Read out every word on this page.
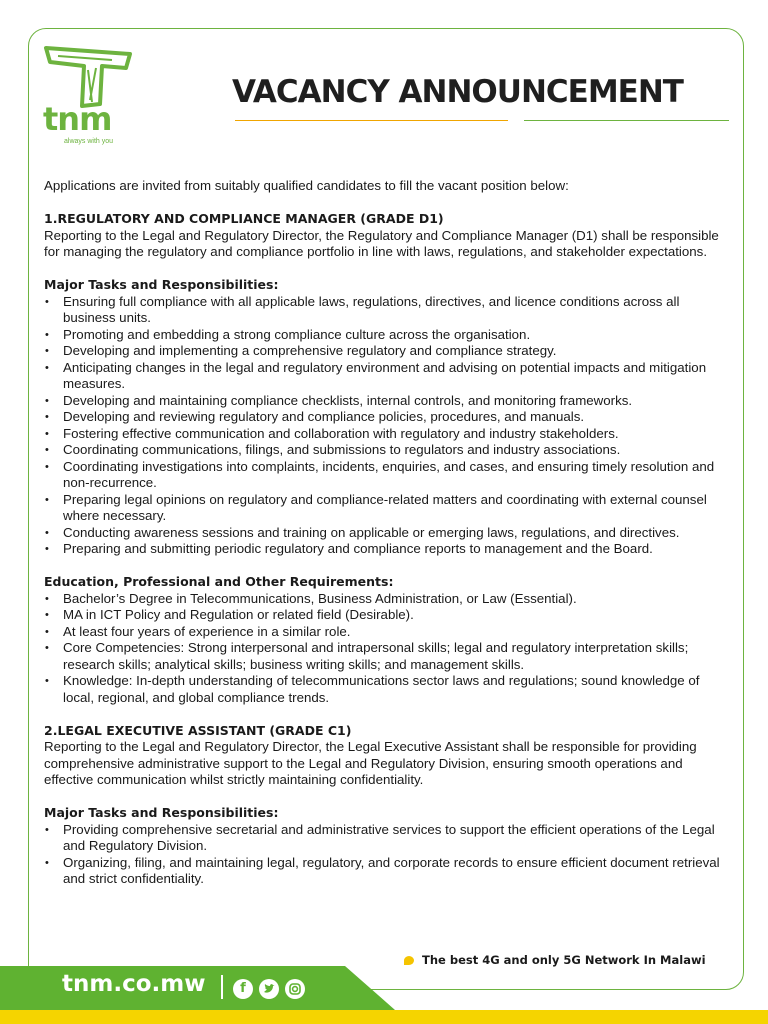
tnm
always with you
VACANCY ANNOUNCEMENT

Applications are invited from suitably qualified candidates to fill the vacant position below:

1.REGULATORY AND COMPLIANCE MANAGER (GRADE D1)

Reporting to the Legal and Regulatory Director, the Regulatory and Compliance Manager (D1) shall be responsible for managing the regulatory and compliance portfolio in line with laws, regulations, and stakeholder expectations.

Major Tasks and Responsibilities:
• Ensuring full compliance with all applicable laws, regulations, directives, and licence conditions across all business units.
• Promoting and embedding a strong compliance culture across the organisation.
• Developing and implementing a comprehensive regulatory and compliance strategy.
• Anticipating changes in the legal and regulatory environment and advising on potential impacts and mitigation measures.
• Developing and maintaining compliance checklists, internal controls, and monitoring frameworks.
• Developing and reviewing regulatory and compliance policies, procedures, and manuals.
• Fostering effective communication and collaboration with regulatory and industry stakeholders.
• Coordinating communications, filings, and submissions to regulators and industry associations.
• Coordinating investigations into complaints, incidents, enquiries, and cases, and ensuring timely resolution and non-recurrence.
• Preparing legal opinions on regulatory and compliance-related matters and coordinating with external counsel where necessary.
• Conducting awareness sessions and training on applicable or emerging laws, regulations, and directives.
• Preparing and submitting periodic regulatory and compliance reports to management and the Board.
Education, Professional and Other Requirements:
• Bachelor’s Degree in Telecommunications, Business Administration, or Law (Essential).
• MA in ICT Policy and Regulation or related field (Desirable).
• At least four years of experience in a similar role.
• Core Competencies: Strong interpersonal and intrapersonal skills; legal and regulatory interpretation skills; research skills; analytical skills; business writing skills; and management skills.
• Knowledge: In-depth understanding of telecommunications sector laws and regulations; sound knowledge of local, regional, and global compliance trends.
2.LEGAL EXECUTIVE ASSISTANT (GRADE C1)

Reporting to the Legal and Regulatory Director, the Legal Executive Assistant shall be responsible for providing comprehensive administrative support to the Legal and Regulatory Division, ensuring smooth operations and effective communication whilst strictly maintaining confidentiality.

Major Tasks and Responsibilities:
• Providing comprehensive secretarial and administrative services to support the efficient operations of the Legal and Regulatory Division.
• Organizing, filing, and maintaining legal, regulatory, and corporate records to ensure efficient document retrieval and strict confidentiality.
The best 4G and only 5G Network In Malawi
tnm.co.mw	f
